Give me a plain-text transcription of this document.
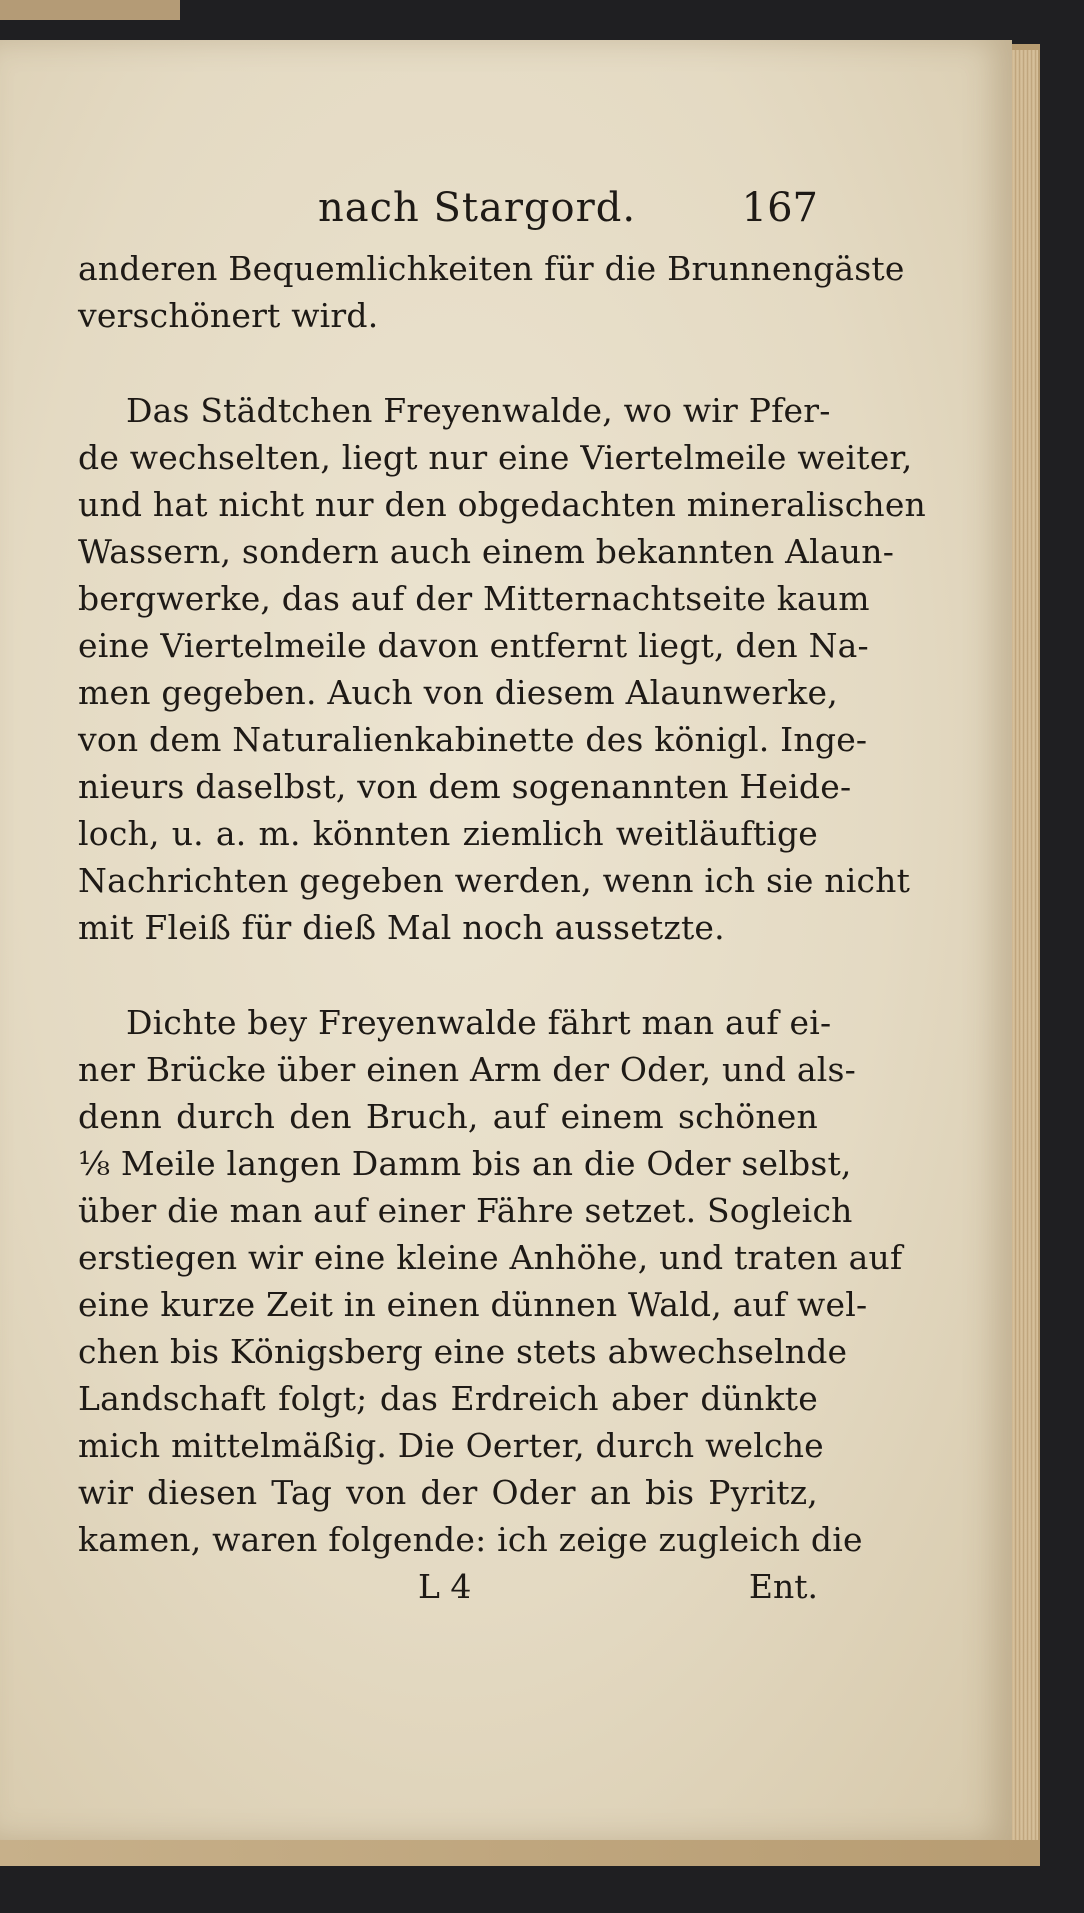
nach Stargord.	167
anderen Bequemlichkeiten für die Brunnengäste
verschönert wird.
Das Städtchen Freyenwalde, wo wir Pfer-
de wechselten, liegt nur eine Viertelmeile weiter,
und hat nicht nur den obgedachten mineralischen
Wassern, sondern auch einem bekannten Alaun-
bergwerke, das auf der Mitternachtseite kaum
eine Viertelmeile davon entfernt liegt, den Na-
men gegeben. Auch von diesem Alaunwerke,
von dem Naturalienkabinette des königl. Inge-
nieurs daselbst, von dem sogenannten Heide-
loch, u. a. m. könnten ziemlich weitläuftige
Nachrichten gegeben werden, wenn ich sie nicht
mit Fleiß für dieß Mal noch aussetzte.
Dichte bey Freyenwalde fährt man auf ei-
ner Brücke über einen Arm der Oder, und als-
denn durch den Bruch, auf einem schönen
⅛ Meile langen Damm bis an die Oder selbst,
über die man auf einer Fähre setzet. Sogleich
erstiegen wir eine kleine Anhöhe, und traten auf
eine kurze Zeit in einen dünnen Wald, auf wel-
chen bis Königsberg eine stets abwechselnde
Landschaft folgt; das Erdreich aber dünkte
mich mittelmäßig. Die Oerter, durch welche
wir diesen Tag von der Oder an bis Pyritz,
kamen, waren folgende: ich zeige zugleich die
L 4	Ent.
